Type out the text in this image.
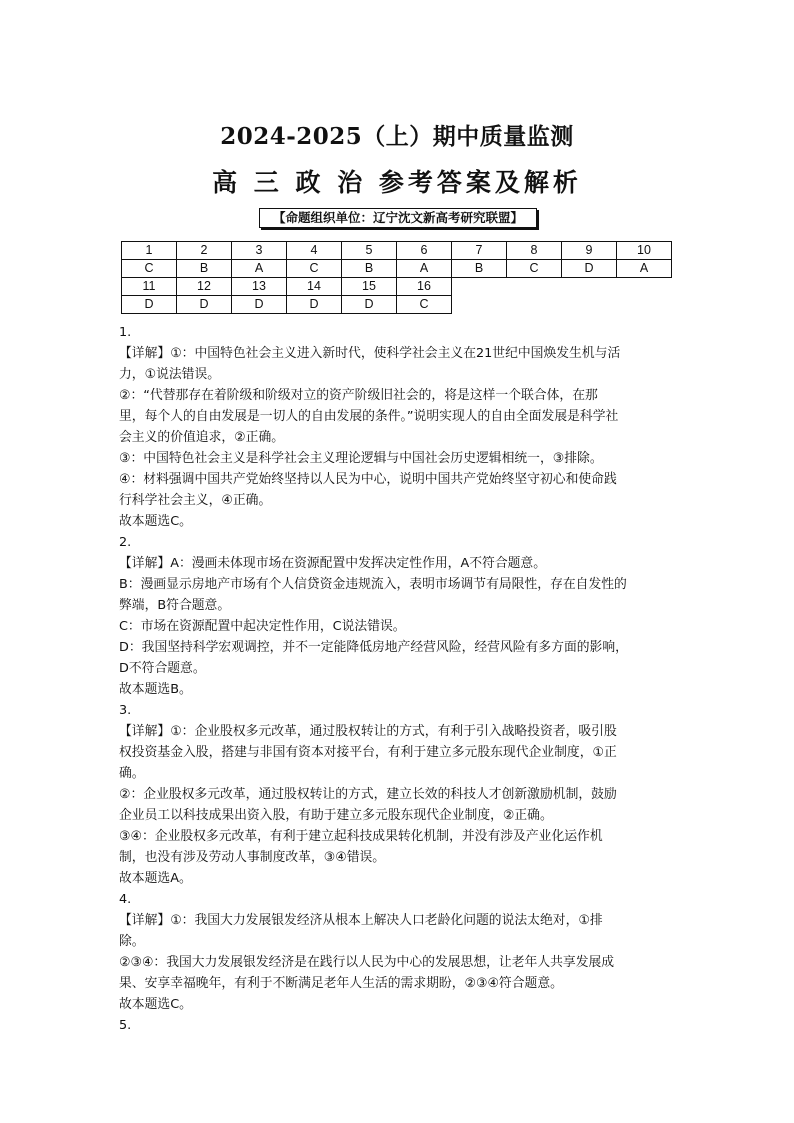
2024-2025（上）期中质量监测
高 三 政 治 参考答案及解析
【命题组织单位：辽宁沈文新高考研究联盟】
1	2	3	4	5	6	7	8	9	10
C	B	A	C	B	A	B	C	D	A
11	12	13	14	15	16				
D	D	D	D	D	C				

1.

【详解】①：中国特色社会主义进入新时代，使科学社会主义在21世纪中国焕发生机与活

力，①说法错误。

②：“代替那存在着阶级和阶级对立的资产阶级旧社会的，将是这样一个联合体，在那

里，每个人的自由发展是一切人的自由发展的条件。”说明实现人的自由全面发展是科学社

会主义的价值追求，②正确。

③：中国特色社会主义是科学社会主义理论逻辑与中国社会历史逻辑相统一，③排除。

④：材料强调中国共产党始终坚持以人民为中心，说明中国共产党始终坚守初心和使命践

行科学社会主义，④正确。

故本题选C。

2.

【详解】A：漫画未体现市场在资源配置中发挥决定性作用，A不符合题意。

B：漫画显示房地产市场有个人信贷资金违规流入，表明市场调节有局限性，存在自发性的

弊端，B符合题意。

C：市场在资源配置中起决定性作用，C说法错误。

D：我国坚持科学宏观调控，并不一定能降低房地产经营风险，经营风险有多方面的影响，

D不符合题意。

故本题选B。

3.

【详解】①：企业股权多元改革，通过股权转让的方式，有利于引入战略投资者，吸引股

权投资基金入股，搭建与非国有资本对接平台，有利于建立多元股东现代企业制度，①正

确。

②：企业股权多元改革，通过股权转让的方式，建立长效的科技人才创新激励机制，鼓励

企业员工以科技成果出资入股，有助于建立多元股东现代企业制度，②正确。

③④：企业股权多元改革，有利于建立起科技成果转化机制，并没有涉及产业化运作机

制，也没有涉及劳动人事制度改革，③④错误。

故本题选A。

4.

【详解】①：我国大力发展银发经济从根本上解决人口老龄化问题的说法太绝对，①排

除。

②③④：我国大力发展银发经济是在践行以人民为中心的发展思想，让老年人共享发展成

果、安享幸福晚年，有利于不断满足老年人生活的需求期盼，②③④符合题意。

故本题选C。

5.
